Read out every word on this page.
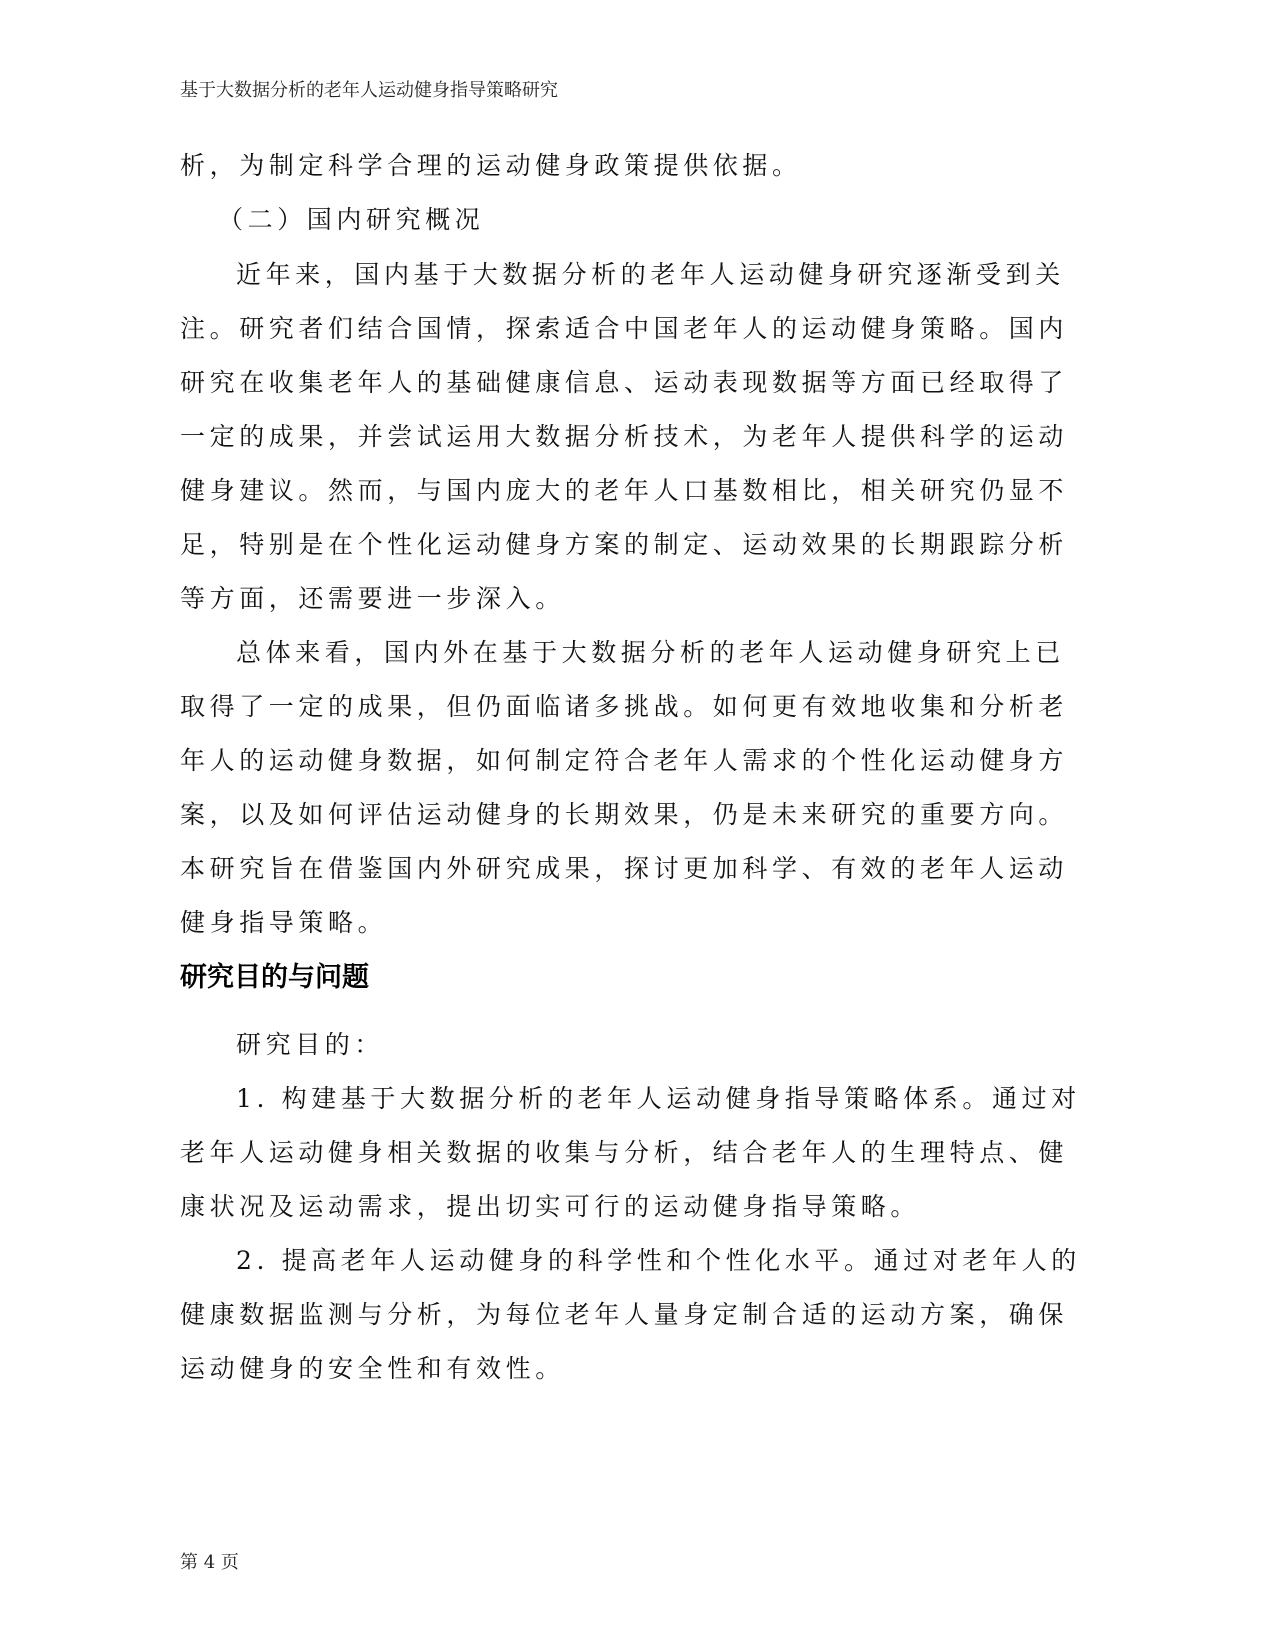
基于大数据分析的老年人运动健身指导策略研究
析，为制定科学合理的运动健身政策提供依据。
（二）国内研究概况
近年来，国内基于大数据分析的老年人运动健身研究逐渐受到关
注。研究者们结合国情，探索适合中国老年人的运动健身策略。国内
研究在收集老年人的基础健康信息、运动表现数据等方面已经取得了
一定的成果，并尝试运用大数据分析技术，为老年人提供科学的运动
健身建议。然而，与国内庞大的老年人口基数相比，相关研究仍显不
足，特别是在个性化运动健身方案的制定、运动效果的长期跟踪分析
等方面，还需要进一步深入。
总体来看，国内外在基于大数据分析的老年人运动健身研究上已
取得了一定的成果，但仍面临诸多挑战。如何更有效地收集和分析老
年人的运动健身数据，如何制定符合老年人需求的个性化运动健身方
案，以及如何评估运动健身的长期效果，仍是未来研究的重要方向。
本研究旨在借鉴国内外研究成果，探讨更加科学、有效的老年人运动
健身指导策略。
研究目的：
1. 构建基于大数据分析的老年人运动健身指导策略体系。通过对
老年人运动健身相关数据的收集与分析，结合老年人的生理特点、健
康状况及运动需求，提出切实可行的运动健身指导策略。
2. 提高老年人运动健身的科学性和个性化水平。通过对老年人的
健康数据监测与分析，为每位老年人量身定制合适的运动方案，确保
运动健身的安全性和有效性。
研究目的与问题
第 4 页
